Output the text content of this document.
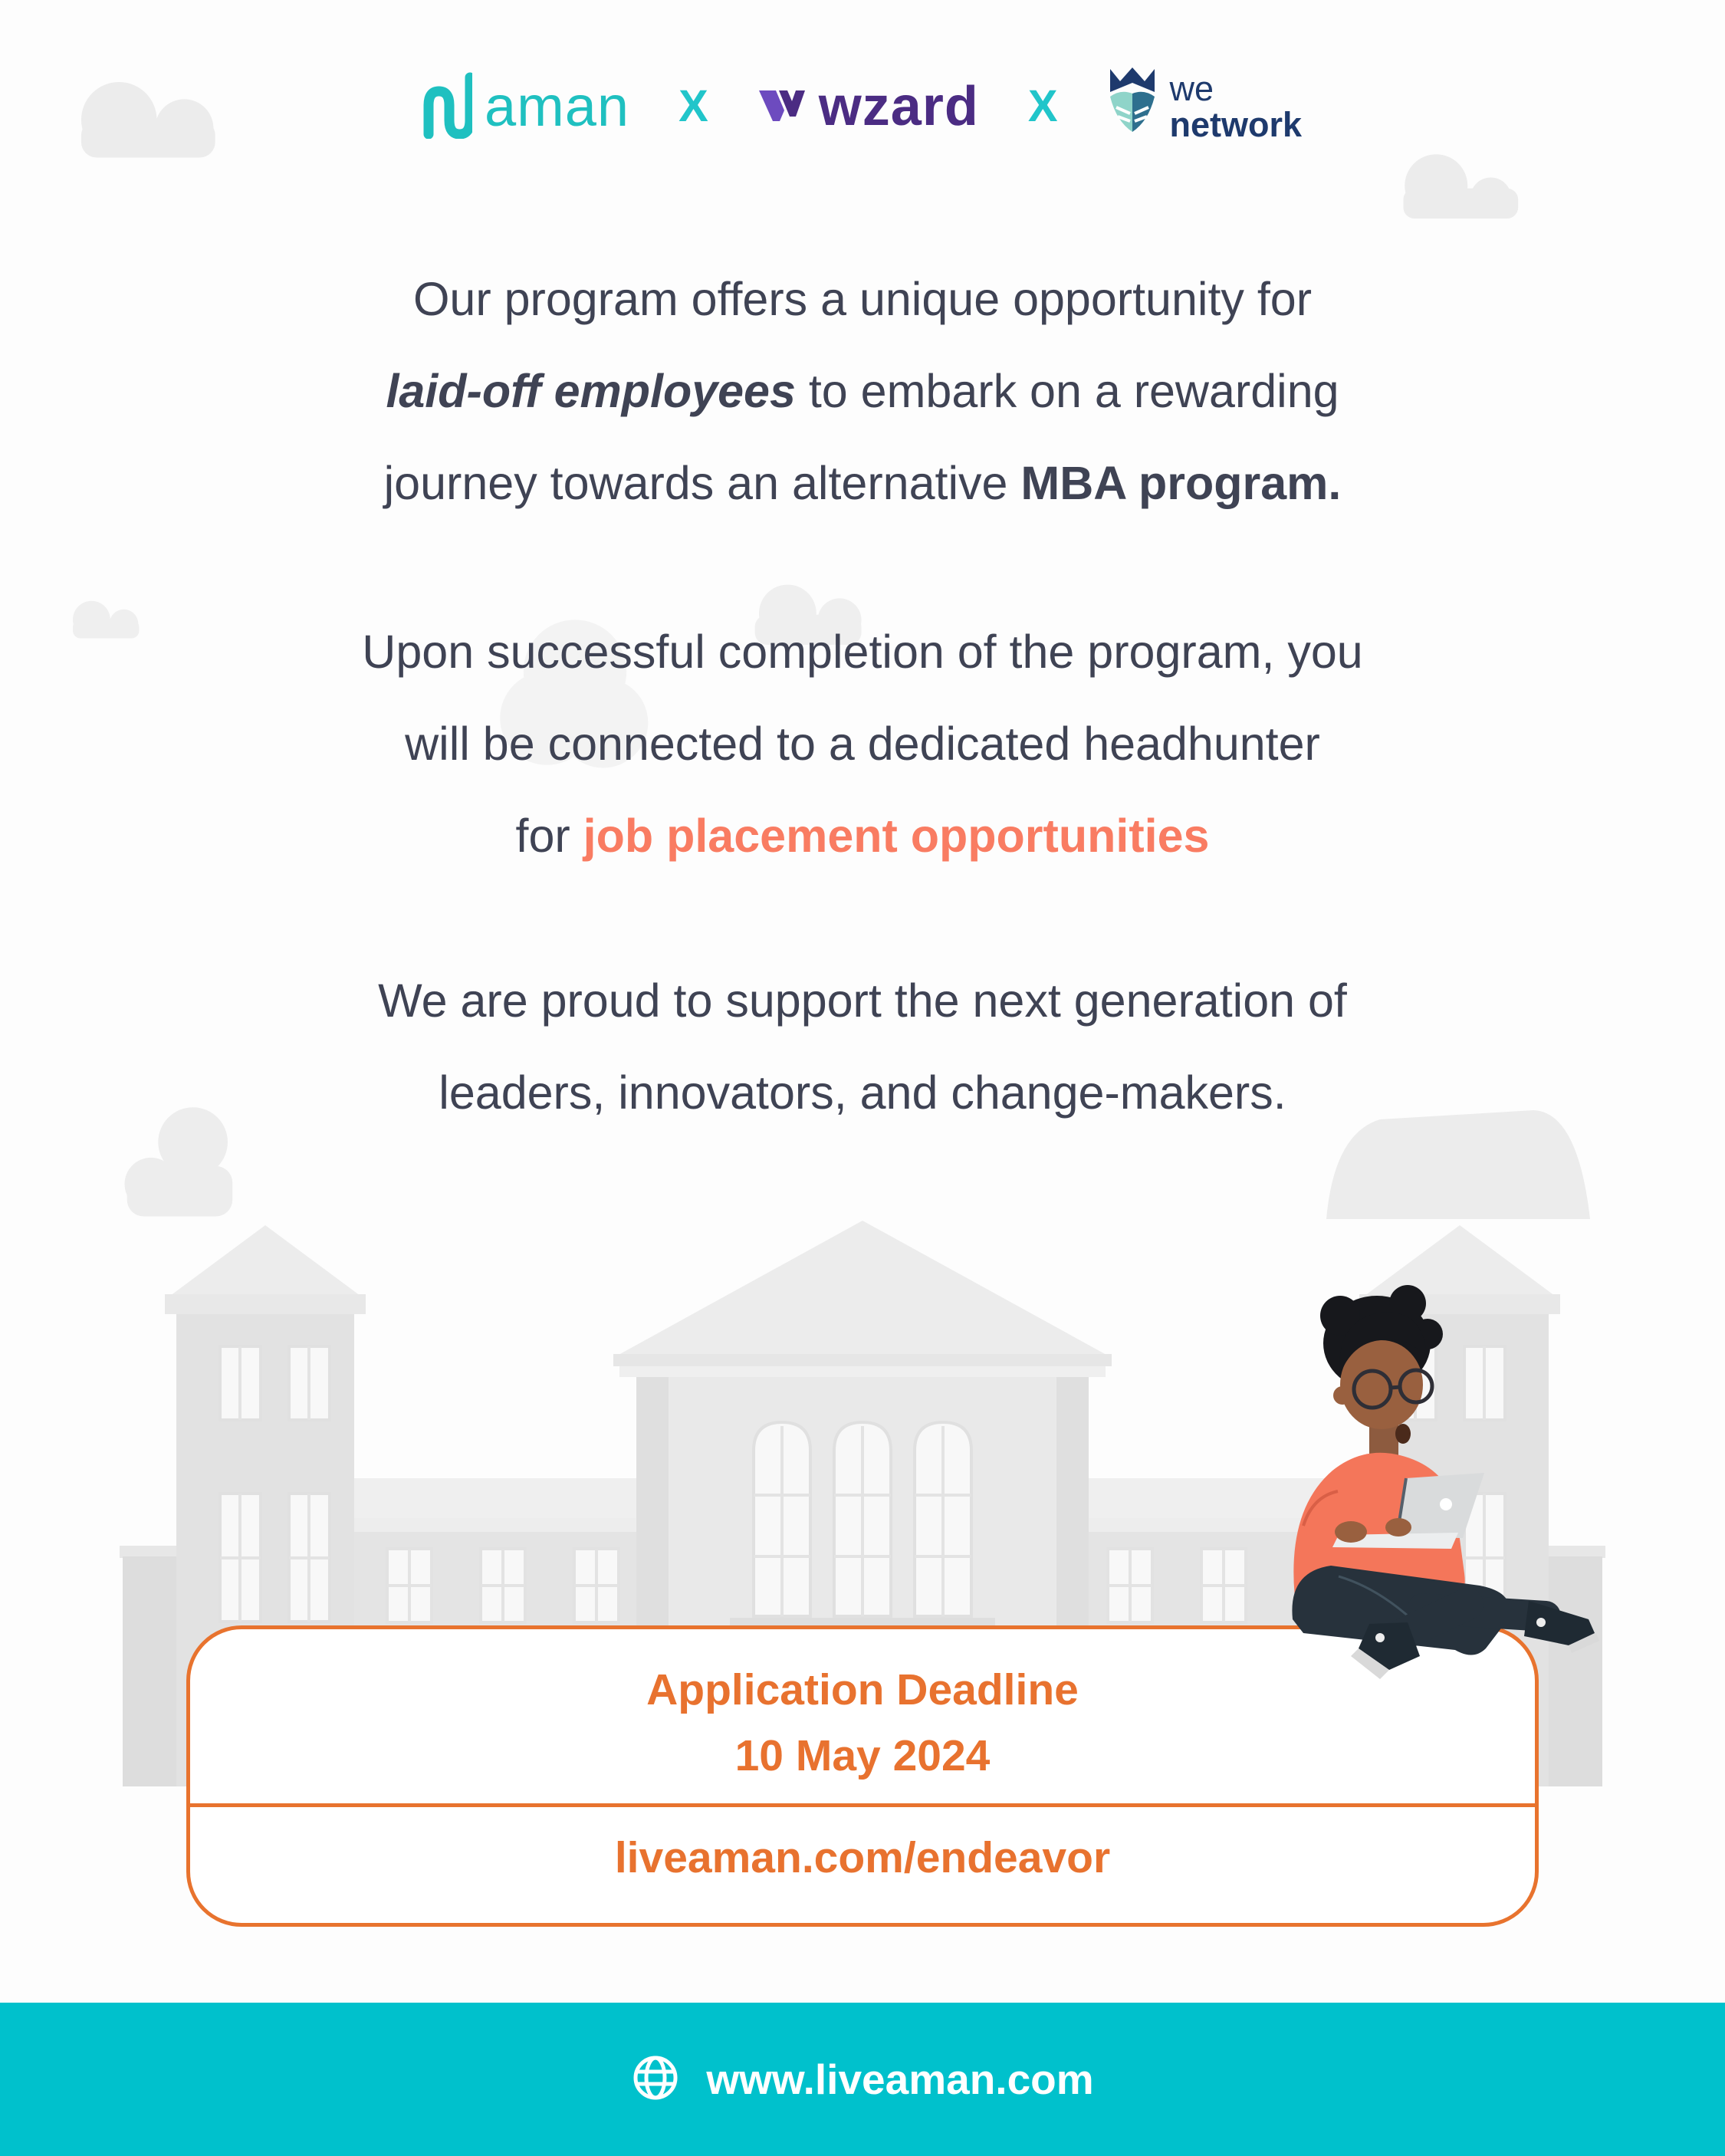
aman X wzard X	we
network
Our program offers a unique opportunity for
laid-off employees to embark on a rewarding
journey towards an alternative MBA program.
Upon successful completion of the program, you
will be connected to a dedicated headhunter
for job placement opportunities
We are proud to support the next generation of
leaders, innovators, and change-makers.
Application Deadline
10 May 2024
liveaman.com/endeavor
www.liveaman.com
